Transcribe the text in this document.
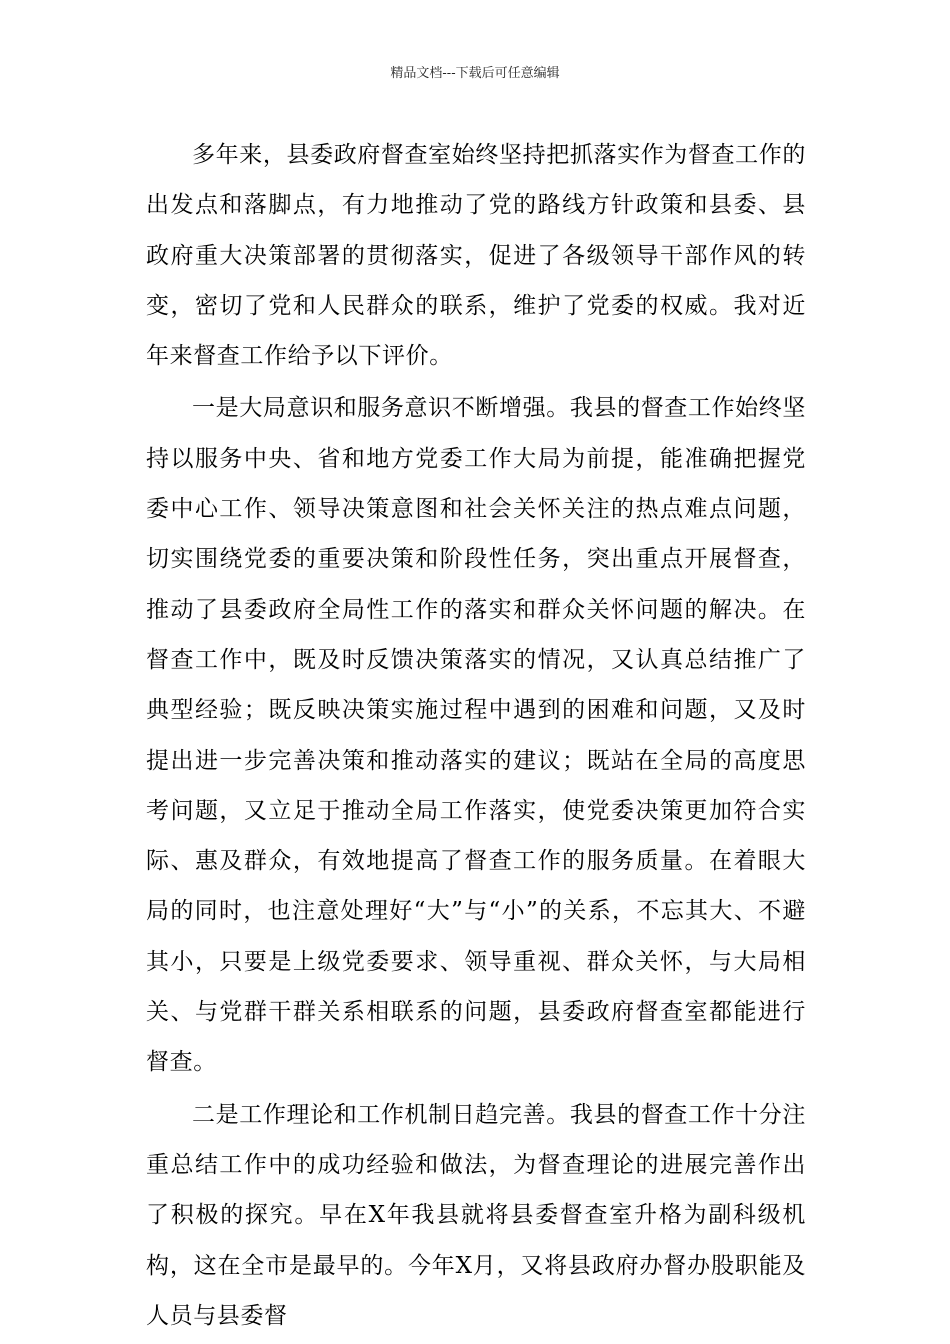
精品文档---下载后可任意编辑

多年来，县委政府督查室始终坚持把抓落实作为督查工作的出发点和落脚点，有力地推动了党的路线方针政策和县委、县政府重大决策部署的贯彻落实，促进了各级领导干部作风的转变，密切了党和人民群众的联系，维护了党委的权威。我对近年来督查工作给予以下评价。

一是大局意识和服务意识不断增强。我县的督查工作始终坚持以服务中央、省和地方党委工作大局为前提，能准确把握党委中心工作、领导决策意图和社会关怀关注的热点难点问题，切实围绕党委的重要决策和阶段性任务，突出重点开展督查，推动了县委政府全局性工作的落实和群众关怀问题的解决。在督查工作中，既及时反馈决策落实的情况，又认真总结推广了典型经验；既反映决策实施过程中遇到的困难和问题，又及时提出进一步完善决策和推动落实的建议；既站在全局的高度思考问题，又立足于推动全局工作落实，使党委决策更加符合实际、惠及群众，有效地提高了督查工作的服务质量。在着眼大局的同时，也注意处理好“大”与“小”的关系，不忘其大、不避其小，只要是上级党委要求、领导重视、群众关怀，与大局相关、与党群干群关系相联系的问题，县委政府督查室都能进行督查。

二是工作理论和工作机制日趋完善。我县的督查工作十分注重总结工作中的成功经验和做法，为督查理论的进展完善作出了积极的探究。早在X年我县就将县委督查室升格为副科级机构，这在全市是最早的。今年X月，又将县政府办督办股职能及人员与县委督
